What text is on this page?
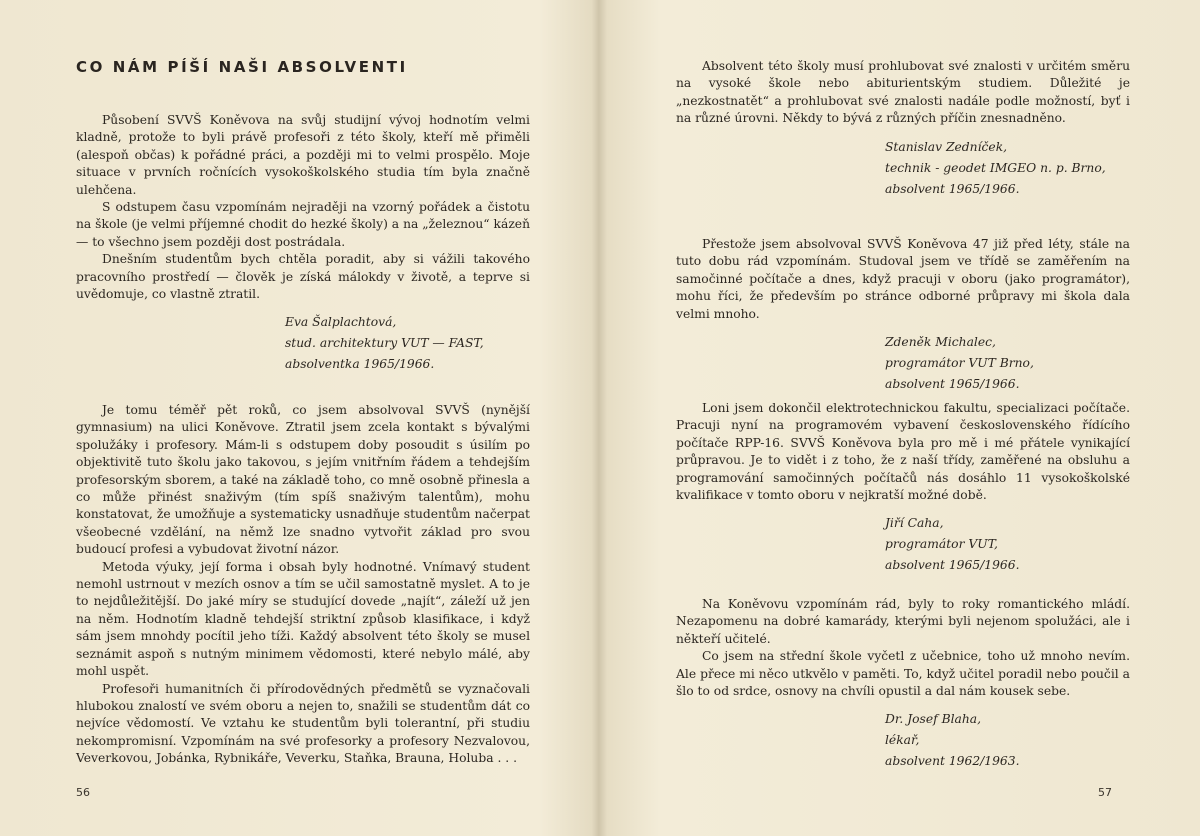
CO NÁM PÍŠÍ NAŠI ABSOLVENTI

Působení SVVŠ Koněvova na svůj studijní vývoj hodnotím velmi kladně, protože to byli právě profesoři z této školy, kteří mě přiměli (alespoň občas) k pořádné práci, a později mi to velmi prospělo. Moje situace v prvních ročnících vysokoškolského studia tím byla značně ulehčena.

S odstupem času vzpomínám nejraději na vzorný pořádek a čistotu na škole (je velmi příjemné chodit do hezké školy) a na „železnou“ kázeň — to všechno jsem později dost postrádala.

Dnešním studentům bych chtěla poradit, aby si vážili takového pracovního prostředí — člověk je získá málokdy v životě, a teprve si uvědomuje, co vlastně ztratil.

Eva Šalplachtová,
stud. architektury VUT — FAST,
absolventka 1965/1966.

Je tomu téměř pět roků, co jsem absolvoval SVVŠ (nynější gymnasium) na ulici Koněvove. Ztratil jsem zcela kontakt s bývalými spolužáky i profesory. Mám-li s odstupem doby posoudit s úsilím po objektivitě tuto školu jako takovou, s jejím vnitřním řádem a tehdejším profesorským sborem, a také na základě toho, co mně osobně přinesla a co může přinést snaživým (tím spíš snaživým talentům), mohu konstatovat, že umožňuje a systematicky usnadňuje studentům načerpat všeobecné vzdělání, na němž lze snadno vytvořit základ pro svou budoucí profesi a vybudovat životní názor.

Metoda výuky, její forma i obsah byly hodnotné. Vnímavý student nemohl ustrnout v mezích osnov a tím se učil samostatně myslet. A to je to nejdůležitější. Do jaké míry se studující dovede „najít“, záleží už jen na něm. Hodnotím kladně tehdejší striktní způsob klasifikace, i když sám jsem mnohdy pocítil jeho tíži. Každý absolvent této školy se musel seznámit aspoň s nutným minimem vědomosti, které nebylo málé, aby mohl uspět.

Profesoři humanitních či přírodovědných předmětů se vyznačovali hlubokou znalostí ve svém oboru a nejen to, snažili se studentům dát co nejvíce vědomostí. Ve vztahu ke studentům byli tolerantní, při studiu nekompromisní. Vzpomínám na své profesorky a profesory Nezvalovou, Veverkovou, Jobánka, Rybnikáře, Veverku, Staňka, Brauna, Holuba . . .

56

Absolvent této školy musí prohlubovat své znalosti v určitém směru na vysoké škole nebo abiturientským studiem. Důležité je „nezkostnatět“ a prohlubovat své znalosti nadále podle možností, byť i na různé úrovni. Někdy to bývá z různých příčin znesnadněno.

Stanislav Zedníček,
technik - geodet IMGEO n. p. Brno,
absolvent 1965/1966.

Přestože jsem absolvoval SVVŠ Koněvova 47 již před léty, stále na tuto dobu rád vzpomínám. Studoval jsem ve třídě se zaměřením na samočinné počítače a dnes, když pracuji v oboru (jako programátor), mohu říci, že především po stránce odborné průpravy mi škola dala velmi mnoho.

Zdeněk Michalec,
programátor VUT Brno,
absolvent 1965/1966.

Loni jsem dokončil elektrotechnickou fakultu, specializaci počítače. Pracuji nyní na programovém vybavení československého řídícího počítače RPP-16. SVVŠ Koněvova byla pro mě i mé přátele vynikající průpravou. Je to vidět i z toho, že z naší třídy, zaměřené na obsluhu a programování samočinných počítačů nás dosáhlo 11 vysokoškolské kvalifikace v tomto oboru v nejkratší možné době.

Jiří Caha,
programátor VUT,
absolvent 1965/1966.

Na Koněvovu vzpomínám rád, byly to roky romantického mládí. Nezapomenu na dobré kamarády, kterými byli nejenom spolužáci, ale i někteří učitelé.

Co jsem na střední škole vyčetl z učebnice, toho už mnoho nevím. Ale přece mi něco utkvělo v paměti. To, když učitel poradil nebo poučil a šlo to od srdce, osnovy na chvíli opustil a dal nám kousek sebe.

Dr. Josef Blaha,
lékař,
absolvent 1962/1963.
57
